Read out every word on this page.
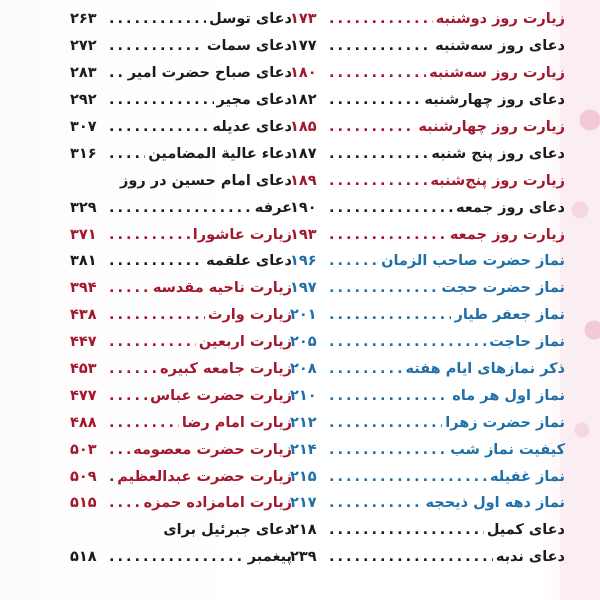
زیارت روز دوشنبه
.....
۱۷۳
دعای روز سه‌شنبه
.....
۱۷۷
زیارت روز سه‌شنبه
.....
۱۸۰
دعای روز چهارشنبه
.....
۱۸۲
زیارت روز چهارشنبه
.....
۱۸۵
دعای روز پنج شنبه
.....
۱۸۷
زیارت روز پنج‌شنبه
.....
۱۸۹
دعای روز جمعه
.....
۱۹۰
زیارت روز جمعه
.....
۱۹۳
نماز حضرت صاحب الزمان
.....
۱۹۶
نماز حضرت حجت
.....
۱۹۷
نماز جعفر طیار
.....
۲۰۱
نماز حاجت
.....
۲۰۵
ذکر نمازهای ایام هفته
.....
۲۰۸
نماز اول هر ماه
.....
۲۱۰
نماز حضرت زهرا
.....
۲۱۲
کیفیت نماز شب
.....
۲۱۴
نماز غفیله
.....
۲۱۵
نماز دهه اول ذیحجه
.....
۲۱۷
دعای کمیل
.....
۲۱۸
دعای ندبه
.....
۲۳۹
دعای توسل
.....
۲۶۳
دعای سمات
.....
۲۷۲
دعای صباح حضرت امیر
.....
۲۸۳
دعای مجیر
.....
۲۹۲
دعای عدیله
.....
۳۰۷
دعاء عالیة المضامین
.....
۳۱۶
دعای امام حسین در روز
عرفه
.....
۳۲۹
زیارت عاشورا
.....
۳۷۱
دعای علقمه
.....
۳۸۱
زیارت ناحیه مقدسه
.....
۳۹۴
زیارت وارث
.....
۴۳۸
زیارت اربعین
.....
۴۴۷
زیارت جامعه کبیره
.....
۴۵۳
زیارت حضرت عباس
.....
۴۷۷
زیارت امام رضا
.....
۴۸۸
زیارت حضرت معصومه
.....
۵۰۳
زیارت حضرت عبدالعظیم
.....
۵۰۹
زیارت امامزاده حمزه
.....
۵۱۵
دعای جبرئیل برای
پیغمبر
.....
۵۱۸
